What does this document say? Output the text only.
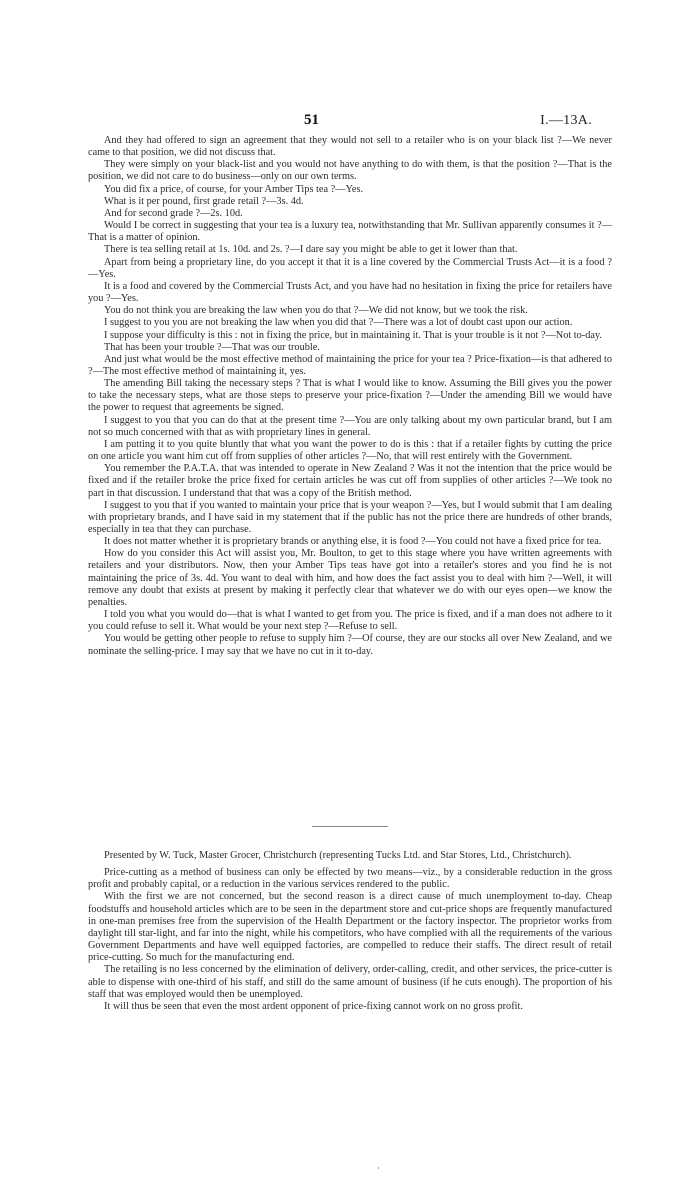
51	I.—13A.

And they had offered to sign an agreement that they would not sell to a retailer who is on your black list ?—We never came to that position, we did not discuss that.

They were simply on your black-list and you would not have anything to do with them, is that the position ?—That is the position, we did not care to do business—only on our own terms.

You did fix a price, of course, for your Amber Tips tea ?—Yes.

What is it per pound, first grade retail ?—3s. 4d.

And for second grade ?—2s. 10d.

Would I be correct in suggesting that your tea is a luxury tea, notwithstanding that Mr. Sullivan apparently consumes it ?—That is a matter of opinion.

There is tea selling retail at 1s. 10d. and 2s. ?—I dare say you might be able to get it lower than that.

Apart from being a proprietary line, do you accept it that it is a line covered by the Commercial Trusts Act—it is a food ?—Yes.

It is a food and covered by the Commercial Trusts Act, and you have had no hesitation in fixing the price for retailers have you ?—Yes.

You do not think you are breaking the law when you do that ?—We did not know, but we took the risk.

I suggest to you you are not breaking the law when you did that ?—There was a lot of doubt cast upon our action.

I suppose your difficulty is this : not in fixing the price, but in maintaining it. That is your trouble is it not ?—Not to-day.

That has been your trouble ?—That was our trouble.

And just what would be the most effective method of maintaining the price for your tea ? Price-fixation—is that adhered to ?—The most effective method of maintaining it, yes.

The amending Bill taking the necessary steps ? That is what I would like to know. Assuming the Bill gives you the power to take the necessary steps, what are those steps to preserve your price-fixation ?—Under the amending Bill we would have the power to request that agreements be signed.

I suggest to you that you can do that at the present time ?—You are only talking about my own particular brand, but I am not so much concerned with that as with proprietary lines in general.

I am putting it to you quite bluntly that what you want the power to do is this : that if a retailer fights by cutting the price on one article you want him cut off from supplies of other articles ?—No, that will rest entirely with the Government.

You remember the P.A.T.A. that was intended to operate in New Zealand ? Was it not the intention that the price would be fixed and if the retailer broke the price fixed for certain articles he was cut off from supplies of other articles ?—We took no part in that discussion. I understand that that was a copy of the British method.

I suggest to you that if you wanted to maintain your price that is your weapon ?—Yes, but I would submit that I am dealing with proprietary brands, and I have said in my statement that if the public has not the price there are hundreds of other brands, especially in tea that they can purchase.

It does not matter whether it is proprietary brands or anything else, it is food ?—You could not have a fixed price for tea.

How do you consider this Act will assist you, Mr. Boulton, to get to this stage where you have written agreements with retailers and your distributors. Now, then your Amber Tips teas have got into a retailer's stores and you find he is not maintaining the price of 3s. 4d. You want to deal with him, and how does the fact assist you to deal with him ?—Well, it will remove any doubt that exists at present by making it perfectly clear that whatever we do with our eyes open—we know the penalties.

I told you what you would do—that is what I wanted to get from you. The price is fixed, and if a man does not adhere to it you could refuse to sell it. What would be your next step ?—Refuse to sell.

You would be getting other people to refuse to supply him ?—Of course, they are our stocks all over New Zealand, and we nominate the selling-price. I may say that we have no cut in it to-day.

Presented by W. Tuck, Master Grocer, Christchurch (representing Tucks Ltd. and Star Stores, Ltd., Christchurch).

Price-cutting as a method of business can only be effected by two means—viz., by a considerable reduction in the gross profit and probably capital, or a reduction in the various services rendered to the public.

With the first we are not concerned, but the second reason is a direct cause of much unemployment to-day. Cheap foodstuffs and household articles which are to be seen in the department store and cut-price shops are frequently manufactured in one-man premises free from the supervision of the Health Department or the factory inspector. The proprietor works from daylight till star-light, and far into the night, while his competitors, who have complied with all the requirements of the various Government Departments and have well equipped factories, are compelled to reduce their staffs. The direct result of retail price-cutting. So much for the manufacturing end.

The retailing is no less concerned by the elimination of delivery, order-calling, credit, and other services, the price-cutter is able to dispense with one-third of his staff, and still do the same amount of business (if he cuts enough). The proportion of his staff that was employed would then be unemployed.

It will thus be seen that even the most ardent opponent of price-fixing cannot work on no gross profit.
